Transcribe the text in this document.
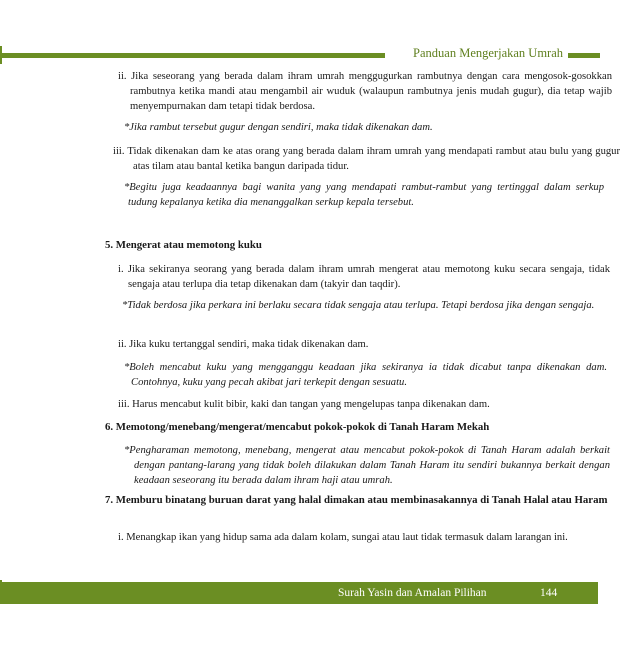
Panduan Mengerjakan Umrah
ii. Jika seseorang yang berada dalam ihram umrah menggugurkan rambutnya dengan cara mengosok-gosokkan rambutnya ketika mandi atau mengambil air wuduk (walaupun rambutnya jenis mudah gugur), dia tetap wajib menyempurnakan dam tetapi tidak berdosa.
*Jika rambut tersebut gugur dengan sendiri, maka tidak dikenakan dam.
iii. Tidak dikenakan dam ke atas orang yang berada dalam ihram umrah yang mendapati rambut atau bulu yang gugur atas tilam atau bantal ketika bangun daripada tidur.
*Begitu juga keadaannya bagi wanita yang yang mendapati rambut-rambut yang tertinggal dalam serkup tudung kepalanya ketika dia menanggalkan serkup kepala tersebut.
5. Mengerat atau memotong kuku
i. Jika sekiranya seorang yang berada dalam ihram umrah mengerat atau memotong kuku secara sengaja, tidak sengaja atau terlupa dia tetap dikenakan dam (takyir dan taqdir).
*Tidak berdosa jika perkara ini berlaku secara tidak sengaja atau terlupa. Tetapi berdosa jika dengan sengaja.
ii. Jika kuku tertanggal sendiri, maka tidak dikenakan dam.
*Boleh mencabut kuku yang mengganggu keadaan jika sekiranya ia tidak dicabut tanpa dikenakan dam. Contohnya, kuku yang pecah akibat jari terkepit dengan sesuatu.
iii. Harus mencabut kulit bibir, kaki dan tangan yang mengelupas tanpa dikenakan dam.
6. Memotong/menebang/mengerat/mencabut pokok-pokok di Tanah Haram Mekah
*Pengharaman memotong, menebang, mengerat atau mencabut pokok-pokok di Tanah Haram adalah berkait dengan pantang-larang yang tidak boleh dilakukan dalam Tanah Haram itu sendiri bukannya berkait dengan keadaan seseorang itu berada dalam ihram haji atau umrah.
7. Memburu binatang buruan darat yang halal dimakan atau membinasakannya di Tanah Halal atau Haram
i. Menangkap ikan yang hidup sama ada dalam kolam, sungai atau laut tidak termasuk dalam larangan ini.
Surah Yasin dan Amalan Pilihan	144
